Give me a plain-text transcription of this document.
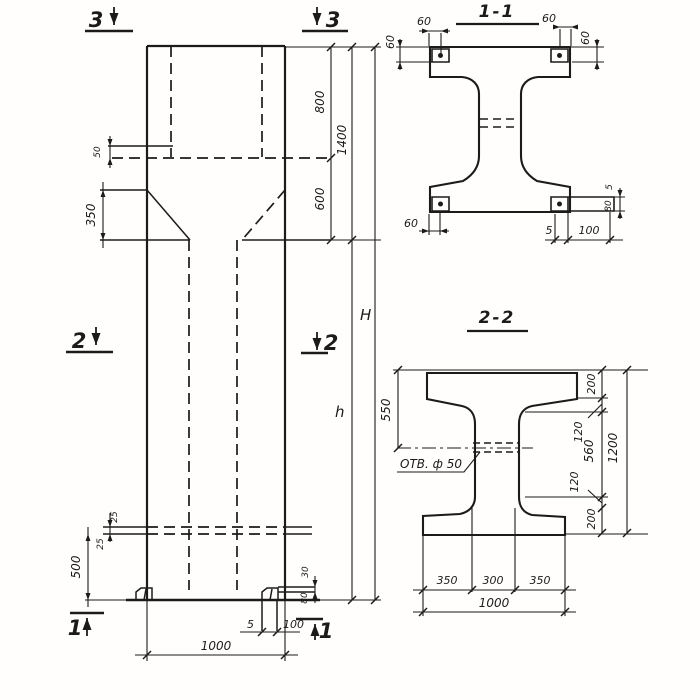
50
350
800
1400
600
H
h
25
25
500	30
80
5	100
1000
3	3
2	2
1	1
1-1
60
60
60
60
60
5 100
5
80
2-2
550
ОТВ. ф 50
200
120
560
120
200
1200
350 300 350
1000
